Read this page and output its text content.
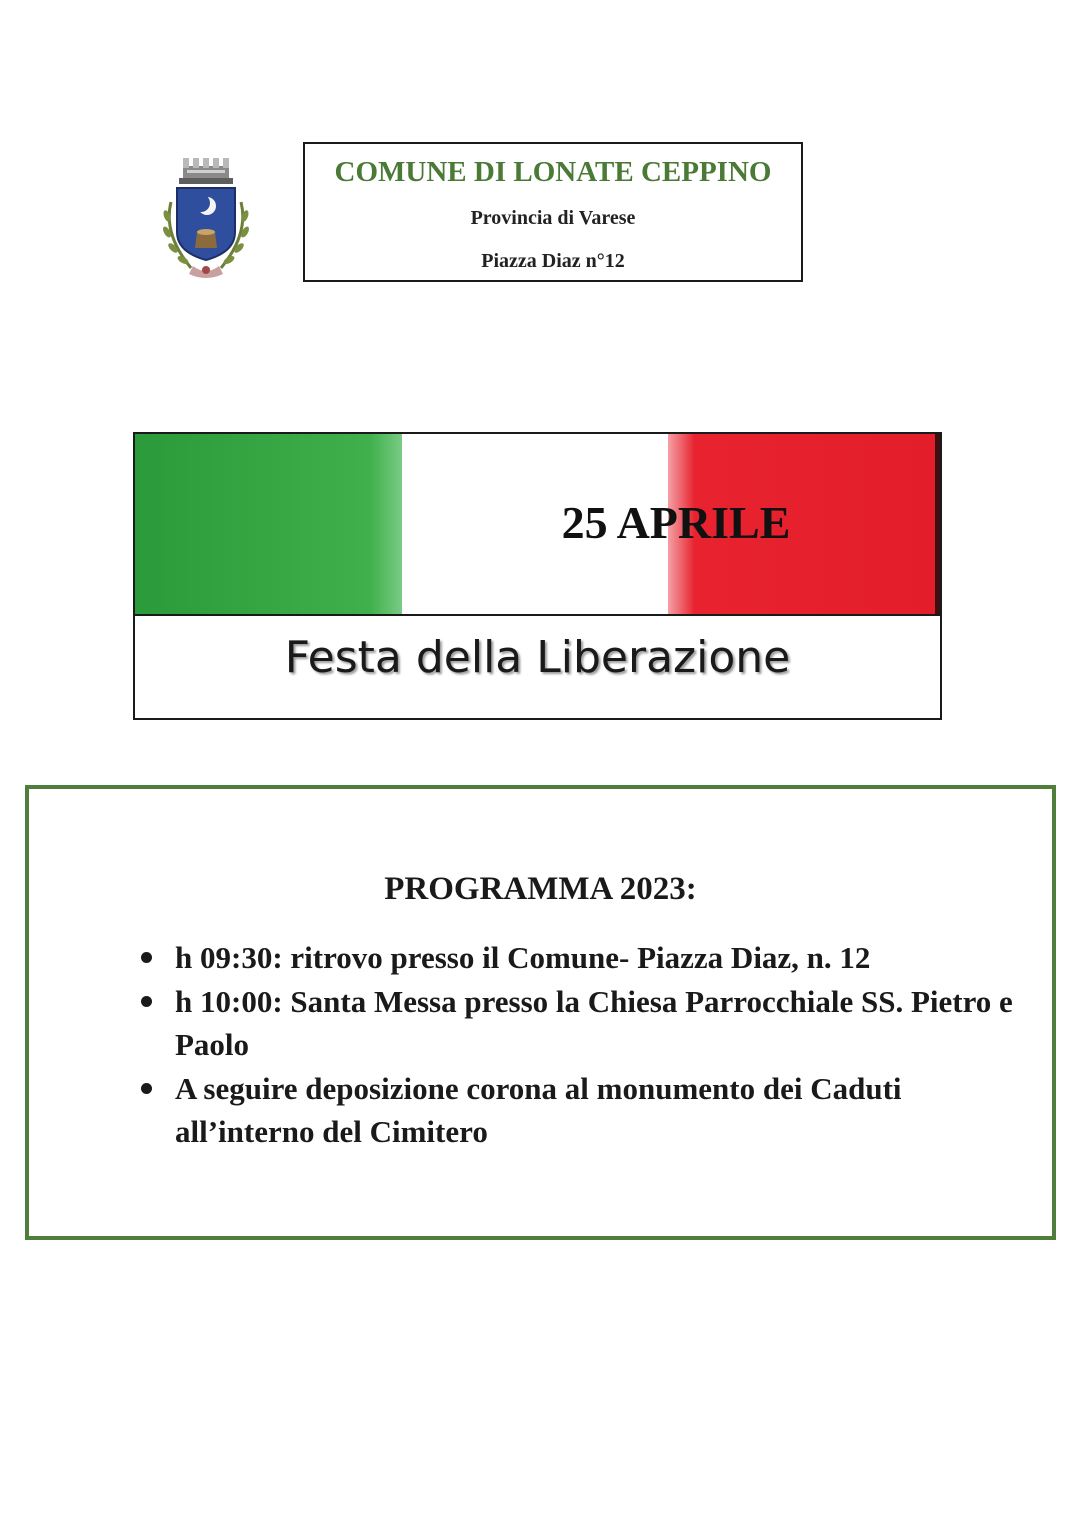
COMUNE DI LONATE CEPPINO
Provincia di Varese
Piazza Diaz n°12
25 APRILE
Festa della Liberazione
PROGRAMMA 2023:
h 09:30: ritrovo presso il Comune- Piazza Diaz, n. 12
h 10:00: Santa Messa presso la Chiesa Parrocchiale SS. Pietro e Paolo
A seguire deposizione corona al monumento dei Caduti all’interno del Cimitero
